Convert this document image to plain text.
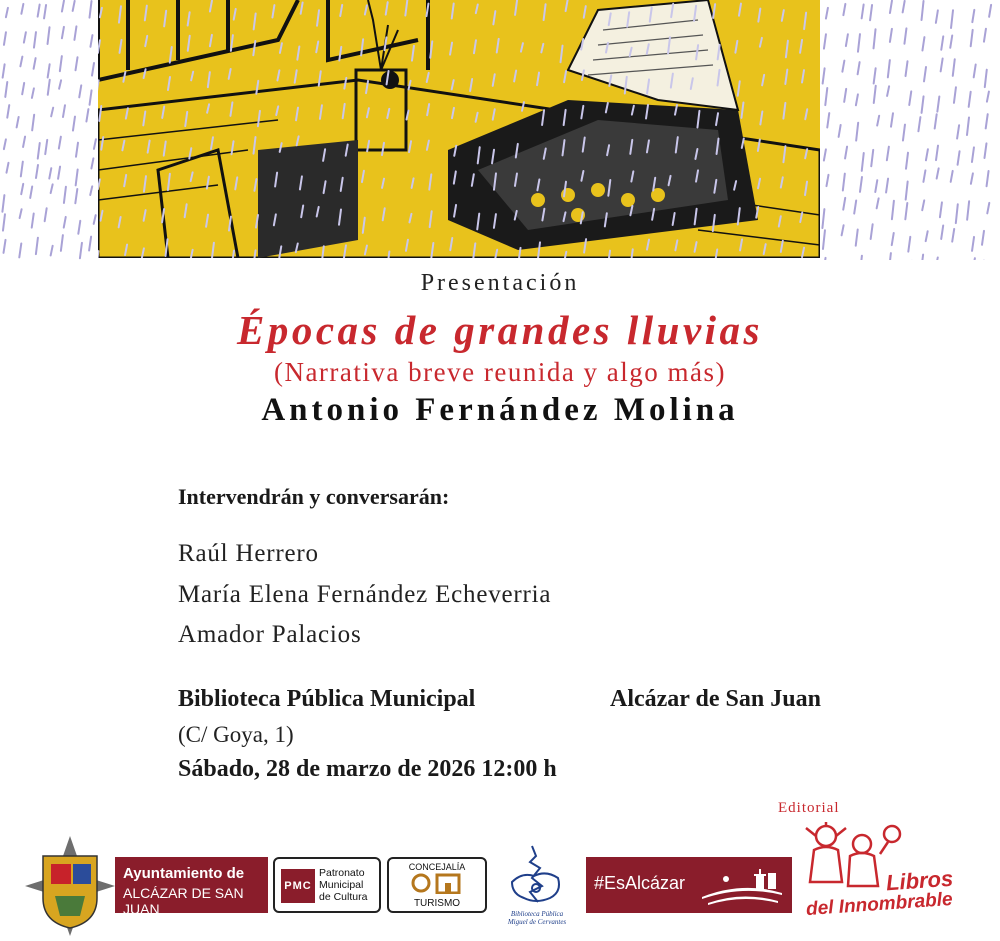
Presentación
Épocas de grandes lluvias
(Narrativa breve reunida y algo más)
Antonio Fernández Molina
Intervendrán y conversarán:
Raúl Herrero
María Elena Fernández Echeverria
Amador Palacios
Biblioteca Pública Municipal	Alcázar de San Juan
(C/ Goya, 1)
Sábado, 28 de marzo de 2026 12:00 h
Editorial
Ayuntamiento de
ALCÁZAR DE SAN JUAN
PMC
Patronato
Municipal
de Cultura
CONCEJALÍA
TURISMO
Biblioteca Pública
Miguel de Cervantes
#EsAlcázar	Libros
del Innombrable
